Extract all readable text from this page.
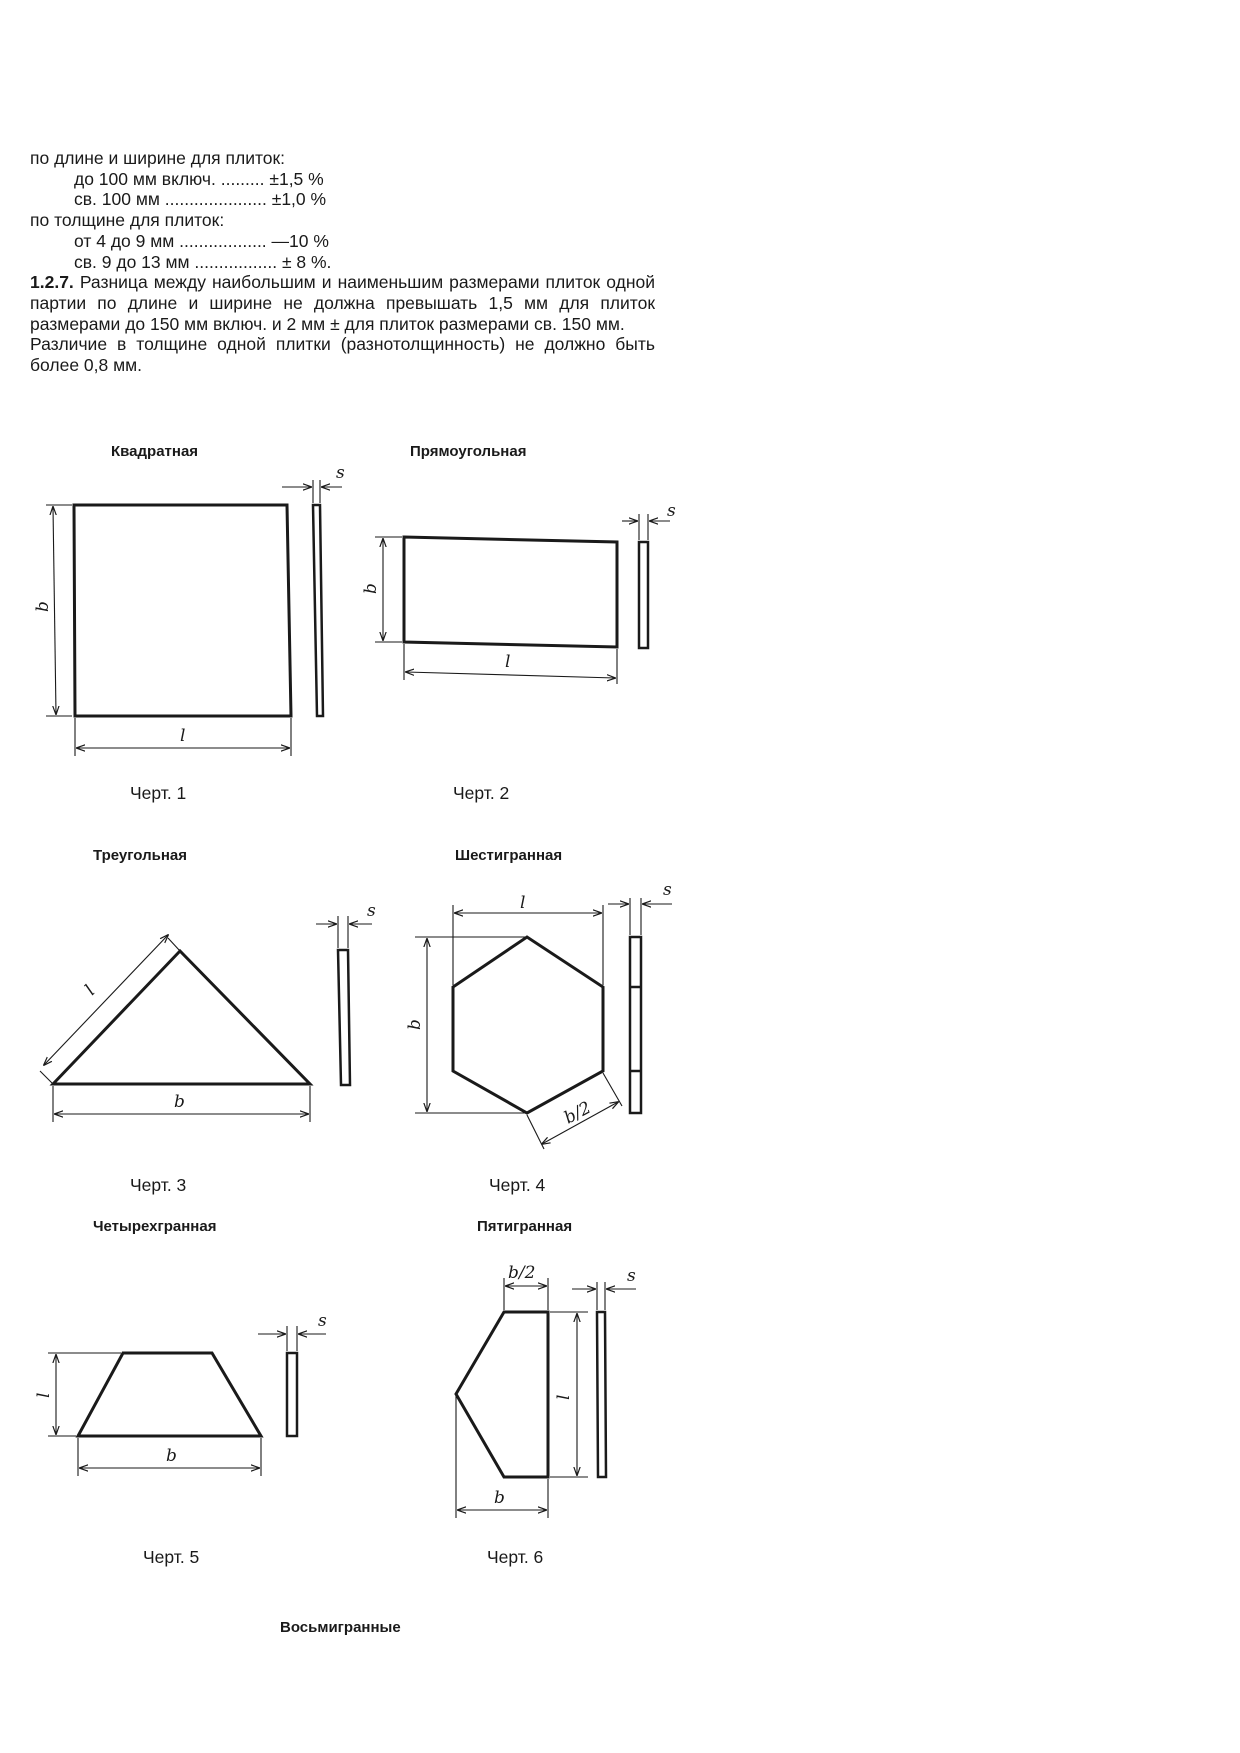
по длине и ширине для плиток:

до 100 мм включ. ......... ±1,5 %

св. 100 мм ..................... ±1,0 %

по толщине для плиток:

от 4 до 9 мм .................. —10 %

св. 9 до 13 мм ................. ± 8 %.

1.2.7. Разница между наибольшим и наименьшим размерами плиток одной партии по длине и ширине не должна превышать 1,5 мм для плиток размерами до 150 мм включ. и 2 мм ± для плиток размерами св. 150 мм.

Различие в толщине одной плитки (разнотолщинность) не должно быть более 0,8 мм.

Квадратная	Прямоугольная
Треугольная	Шестигранная
Четырехгранная	Пятигранная
Восьмигранные
Черт. 1	Черт. 2
Черт. 3	Черт. 4
Черт. 5	Черт. 6
b
l
s
b
l
s
l
b
s
b
l
b/2
s
l
b
s
b/2
l
b
s
